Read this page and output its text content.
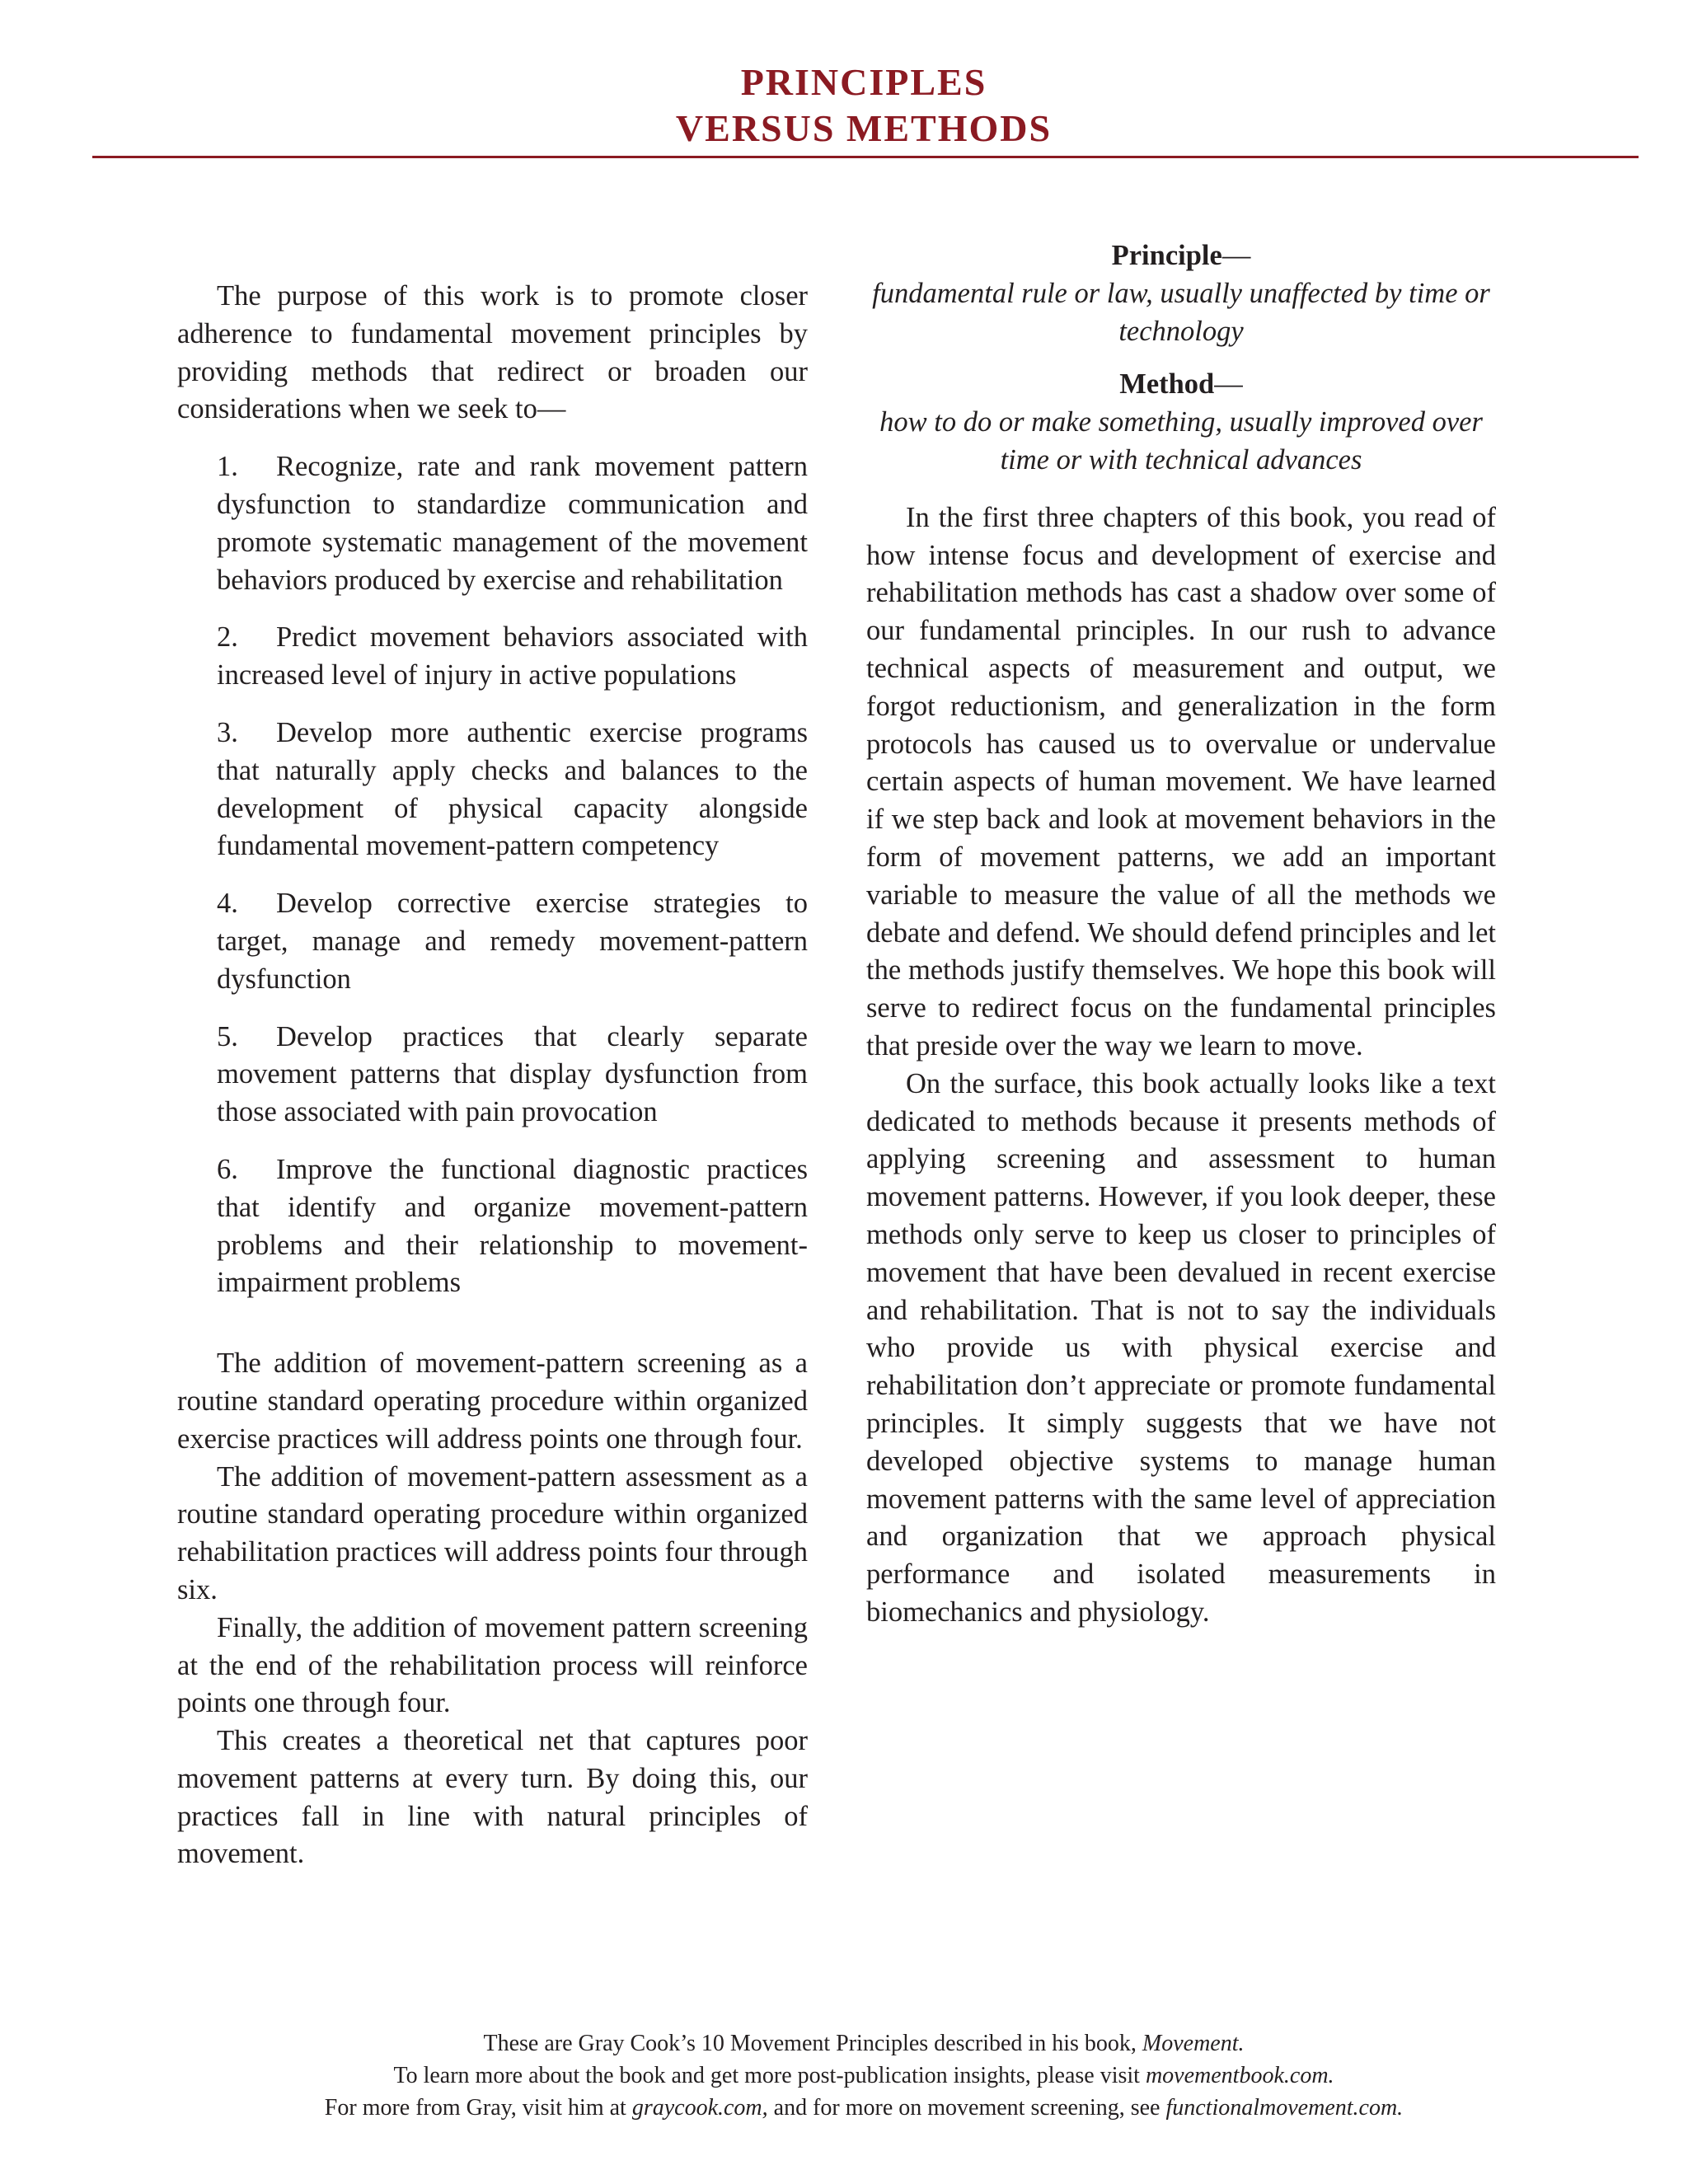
PRINCIPLES
VERSUS METHODS

The purpose of this work is to promote closer adherence to fundamental movement principles by providing methods that redirect or broaden our considerations when we seek to—

1. Recognize, rate and rank movement pattern dysfunction to standardize communication and promote systematic management of the movement behaviors produced by exercise and rehabilitation
2. Predict movement behaviors associated with increased level of injury in active populations
3. Develop more authentic exercise programs that naturally apply checks and balances to the development of physical capacity alongside fundamental movement-pattern competency
4. Develop corrective exercise strategies to target, manage and remedy movement-pattern dysfunction
5. Develop practices that clearly separate movement patterns that display dysfunction from those associated with pain provocation
6. Improve the functional diagnostic practices that identify and organize movement-pattern problems and their relationship to movement-impairment problems

The addition of movement-pattern screening as a routine standard operating procedure within organized exercise practices will address points one through four.

The addition of movement-pattern assessment as a routine standard operating procedure within organized rehabilitation practices will address points four through six.

Finally, the addition of movement pattern screening at the end of the rehabilitation process will reinforce points one through four.

This creates a theoretical net that captures poor movement patterns at every turn. By doing this, our practices fall in line with natural principles of movement.

Principle—
fundamental rule or law, usually unaffected by time or technology
Method—
how to do or make something, usually improved over time or with technical advances

In the first three chapters of this book, you read of how intense focus and development of exercise and rehabilitation methods has cast a shadow over some of our fundamental principles. In our rush to advance technical aspects of measurement and output, we forgot reductionism, and generalization in the form protocols has caused us to overvalue or undervalue certain aspects of human movement. We have learned if we step back and look at movement behaviors in the form of movement patterns, we add an important variable to measure the value of all the methods we debate and defend. We should defend principles and let the methods justify themselves. We hope this book will serve to redirect focus on the fundamental principles that preside over the way we learn to move.

On the surface, this book actually looks like a text dedicated to methods because it presents methods of applying screening and assessment to human movement patterns. However, if you look deeper, these methods only serve to keep us closer to principles of movement that have been devalued in recent exercise and rehabilitation. That is not to say the individuals who provide us with physical exercise and rehabilitation don’t appreciate or promote fundamental principles. It simply suggests that we have not developed objective systems to manage human movement patterns with the same level of appreciation and organization that we approach physical performance and isolated measurements in biomechanics and physiology.

These are Gray Cook’s 10 Movement Principles described in his book, Movement.
To learn more about the book and get more post-publication insights, please visit movementbook.com.
For more from Gray, visit him at graycook.com, and for more on movement screening, see functionalmovement.com.
